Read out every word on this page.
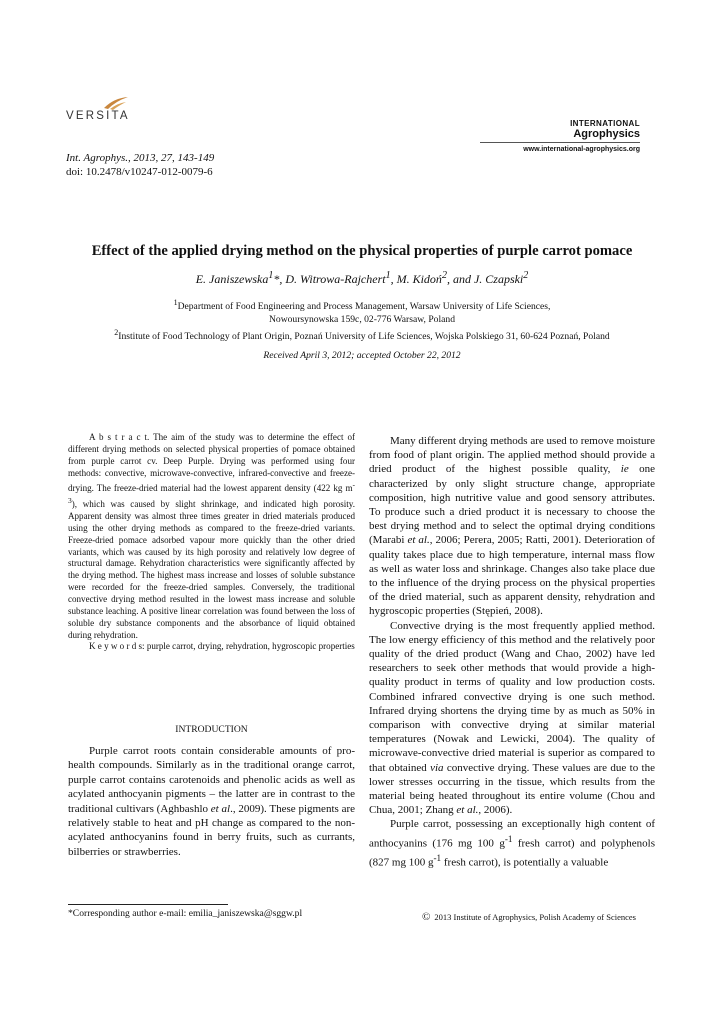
VERSITA
INTERNATIONAL
Agrophysics
www.international-agrophysics.org
Int. Agrophys., 2013, 27, 143-149
doi: 10.2478/v10247-012-0079-6
Effect of the applied drying method on the physical properties of purple carrot pomace
E. Janiszewska$^1$*, D. Witrowa-Rajchert$^1$, M. Kidoń$^2$, and J. Czapski$^2$
$^1$Department of Food Engineering and Process Management, Warsaw University of Life Sciences,
Nowoursynowska 159c, 02-776 Warsaw, Poland
$^2$Institute of Food Technology of Plant Origin, Poznań University of Life Sciences, Wojska Polskiego 31, 60-624 Poznań, Poland
Received April 3, 2012; accepted October 22, 2012

A b s t r a c t. The aim of the study was to determine the effect of different drying methods on selected physical properties of pomace obtained from purple carrot cv. Deep Purple. Drying was performed using four methods: convective, microwave-convective, infrared-convective and freeze-drying. The freeze-dried material had the lowest apparent density (422 kg $m^{-3}$), which was caused by slight shrinkage, and indicated high porosity. Apparent density was almost three times greater in dried materials produced using the other drying methods as compared to the freeze-dried variants. Freeze-dried pomace adsorbed vapour more quickly than the other dried variants, which was caused by its high porosity and relatively low degree of structural damage. Rehydration characteristics were significantly affected by the drying method. The highest mass increase and losses of soluble substance were recorded for the freeze-dried samples. Conversely, the traditional convective drying method resulted in the lowest mass increase and soluble substance leaching. A positive linear correlation was found between the loss of soluble dry substance components and the absorbance of liquid obtained during rehydration.

K e y w o r d s: purple carrot, drying, rehydration, hygroscopic properties

INTRODUCTION

Purple carrot roots contain considerable amounts of pro-health compounds. Similarly as in the traditional orange carrot, purple carrot contains carotenoids and phenolic acids as well as acylated anthocyanin pigments – the latter are in contrast to the traditional cultivars (Aghbashlo et al., 2009). These pigments are relatively stable to heat and pH change as compared to the non-acylated anthocyanins found in berry fruits, such as currants, bilberries or strawberries.

Many different drying methods are used to remove moisture from food of plant origin. The applied method should provide a dried product of the highest possible quality, ie one characterized by only slight structure change, appropriate composition, high nutritive value and good sensory attributes. To produce such a dried product it is necessary to choose the best drying method and to select the optimal drying conditions (Marabi et al., 2006; Perera, 2005; Ratti, 2001). Deterioration of quality takes place due to high temperature, internal mass flow as well as water loss and shrinkage. Changes also take place due to the influence of the drying process on the physical properties of the dried material, such as apparent density, rehydration and hygroscopic properties (Stępień, 2008).

Convective drying is the most frequently applied method. The low energy efficiency of this method and the relatively poor quality of the dried product (Wang and Chao, 2002) have led researchers to seek other methods that would provide a high-quality product in terms of quality and low production costs. Combined infrared convective drying is one such method. Infrared drying shortens the drying time by as much as 50% in comparison with convective drying at similar material temperatures (Nowak and Lewicki, 2004). The quality of microwave-convective dried material is superior as compared to that obtained via convective drying. These values are due to the lower stresses occurring in the tissue, which results from the material being heated throughout its entire volume (Chou and Chua, 2001; Zhang et al., 2006).

Purple carrot, possessing an exceptionally high content of anthocyanins (176 mg 100 $g^{-1}$ fresh carrot) and polyphenols (827 mg 100 $g^{-1}$ fresh carrot), is potentially a valuable

*Corresponding author e-mail: emilia_janiszewska@sggw.pl	© 2013 Institute of Agrophysics, Polish Academy of Sciences
